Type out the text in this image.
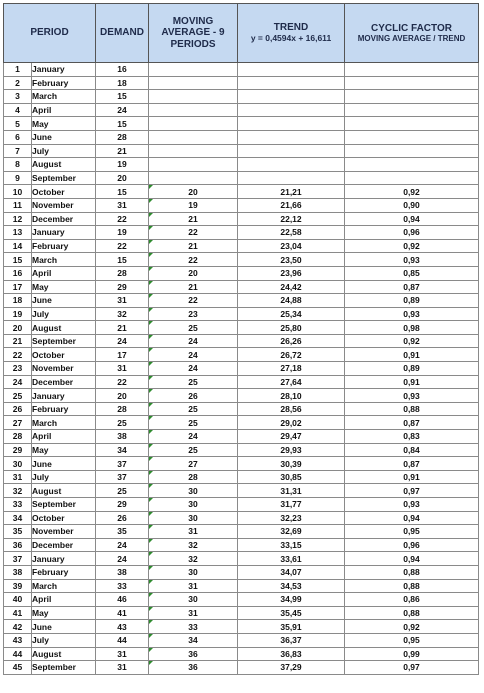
PERIOD		DEMAND	MOVING AVERAGE - 9 PERIODS	TREND
y = 0,4594x + 16,611	CYCLIC FACTOR
MOVING AVERAGE / TREND

1	January	16			
2	February	18			
3	March	15			
4	April	24			
5	May	15			
6	June	28			
7	July	21			
8	August	19			
9	September	20			
10	October	15	20	21,21	0,92
11	November	31	19	21,66	0,90
12	December	22	21	22,12	0,94
13	January	19	22	22,58	0,96
14	February	22	21	23,04	0,92
15	March	15	22	23,50	0,93
16	April	28	20	23,96	0,85
17	May	29	21	24,42	0,87
18	June	31	22	24,88	0,89
19	July	32	23	25,34	0,93
20	August	21	25	25,80	0,98
21	September	24	24	26,26	0,92
22	October	17	24	26,72	0,91
23	November	31	24	27,18	0,89
24	December	22	25	27,64	0,91
25	January	20	26	28,10	0,93
26	February	28	25	28,56	0,88
27	March	25	25	29,02	0,87
28	April	38	24	29,47	0,83
29	May	34	25	29,93	0,84
30	June	37	27	30,39	0,87
31	July	37	28	30,85	0,91
32	August	25	30	31,31	0,97
33	September	29	30	31,77	0,93
34	October	26	30	32,23	0,94
35	November	35	31	32,69	0,95
36	December	24	32	33,15	0,96
37	January	24	32	33,61	0,94
38	February	38	30	34,07	0,88
39	March	33	31	34,53	0,88
40	April	46	30	34,99	0,86
41	May	41	31	35,45	0,88
42	June	43	33	35,91	0,92
43	July	44	34	36,37	0,95
44	August	31	36	36,83	0,99
45	September	31	36	37,29	0,97
